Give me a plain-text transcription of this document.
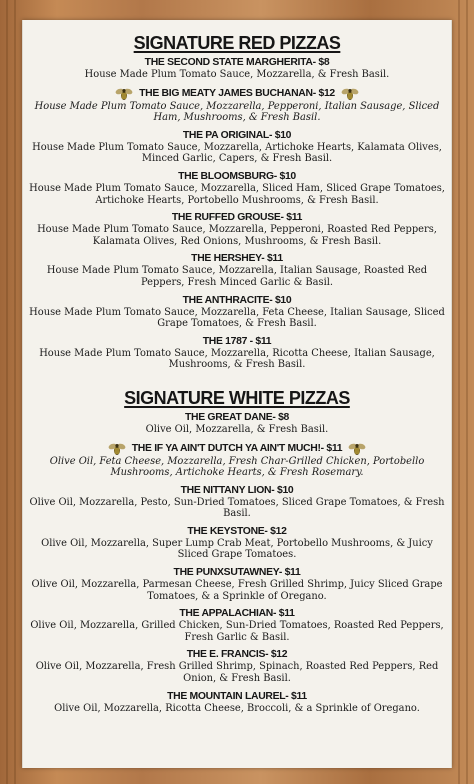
SIGNATURE RED PIZZAS

THE SECOND STATE MARGHERITA- $8

House Made Plum Tomato Sauce, Mozzarella, & Fresh Basil.

THE BIG MEATY JAMES BUCHANAN- $12

House Made Plum Tomato Sauce, Mozzarella, Pepperoni, Italian Sausage, Sliced Ham, Mushrooms, & Fresh Basil.

THE PA ORIGINAL- $10

House Made Plum Tomato Sauce, Mozzarella, Artichoke Hearts, Kalamata Olives, Minced Garlic, Capers, & Fresh Basil.

THE BLOOMSBURG- $10

House Made Plum Tomato Sauce, Mozzarella, Sliced Ham, Sliced Grape Tomatoes, Artichoke Hearts, Portobello Mushrooms, & Fresh Basil.

THE RUFFED GROUSE- $11

House Made Plum Tomato Sauce, Mozzarella, Pepperoni, Roasted Red Peppers, Kalamata Olives, Red Onions, Mushrooms, & Fresh Basil.

THE HERSHEY- $11

House Made Plum Tomato Sauce, Mozzarella, Italian Sausage, Roasted Red Peppers, Fresh Minced Garlic & Basil.

THE ANTHRACITE- $10

House Made Plum Tomato Sauce, Mozzarella, Feta Cheese, Italian Sausage, Sliced Grape Tomatoes, & Fresh Basil.

THE 1787 - $11

House Made Plum Tomato Sauce, Mozzarella, Ricotta Cheese, Italian Sausage, Mushrooms, & Fresh Basil.

SIGNATURE WHITE PIZZAS

THE GREAT DANE- $8

Olive Oil, Mozzarella, & Fresh Basil.

THE IF YA AIN'T DUTCH YA AIN'T MUCH!- $11

Olive Oil, Feta Cheese, Mozzarella, Fresh Char-Grilled Chicken, Portobello Mushrooms, Artichoke Hearts, & Fresh Rosemary.

THE NITTANY LION- $10

Olive Oil, Mozzarella, Pesto, Sun-Dried Tomatoes, Sliced Grape Tomatoes, & Fresh Basil.

THE KEYSTONE- $12

Olive Oil, Mozzarella, Super Lump Crab Meat, Portobello Mushrooms, & Juicy Sliced Grape Tomatoes.

THE PUNXSUTAWNEY- $11

Olive Oil, Mozzarella, Parmesan Cheese, Fresh Grilled Shrimp, Juicy Sliced Grape Tomatoes, & a Sprinkle of Oregano.

THE APPALACHIAN- $11

Olive Oil, Mozzarella, Grilled Chicken, Sun-Dried Tomatoes, Roasted Red Peppers, Fresh Garlic & Basil.

THE E. FRANCIS- $12

Olive Oil, Mozzarella, Fresh Grilled Shrimp, Spinach, Roasted Red Peppers, Red Onion, & Fresh Basil.

THE MOUNTAIN LAUREL- $11

Olive Oil, Mozzarella, Ricotta Cheese, Broccoli, & a Sprinkle of Oregano.
